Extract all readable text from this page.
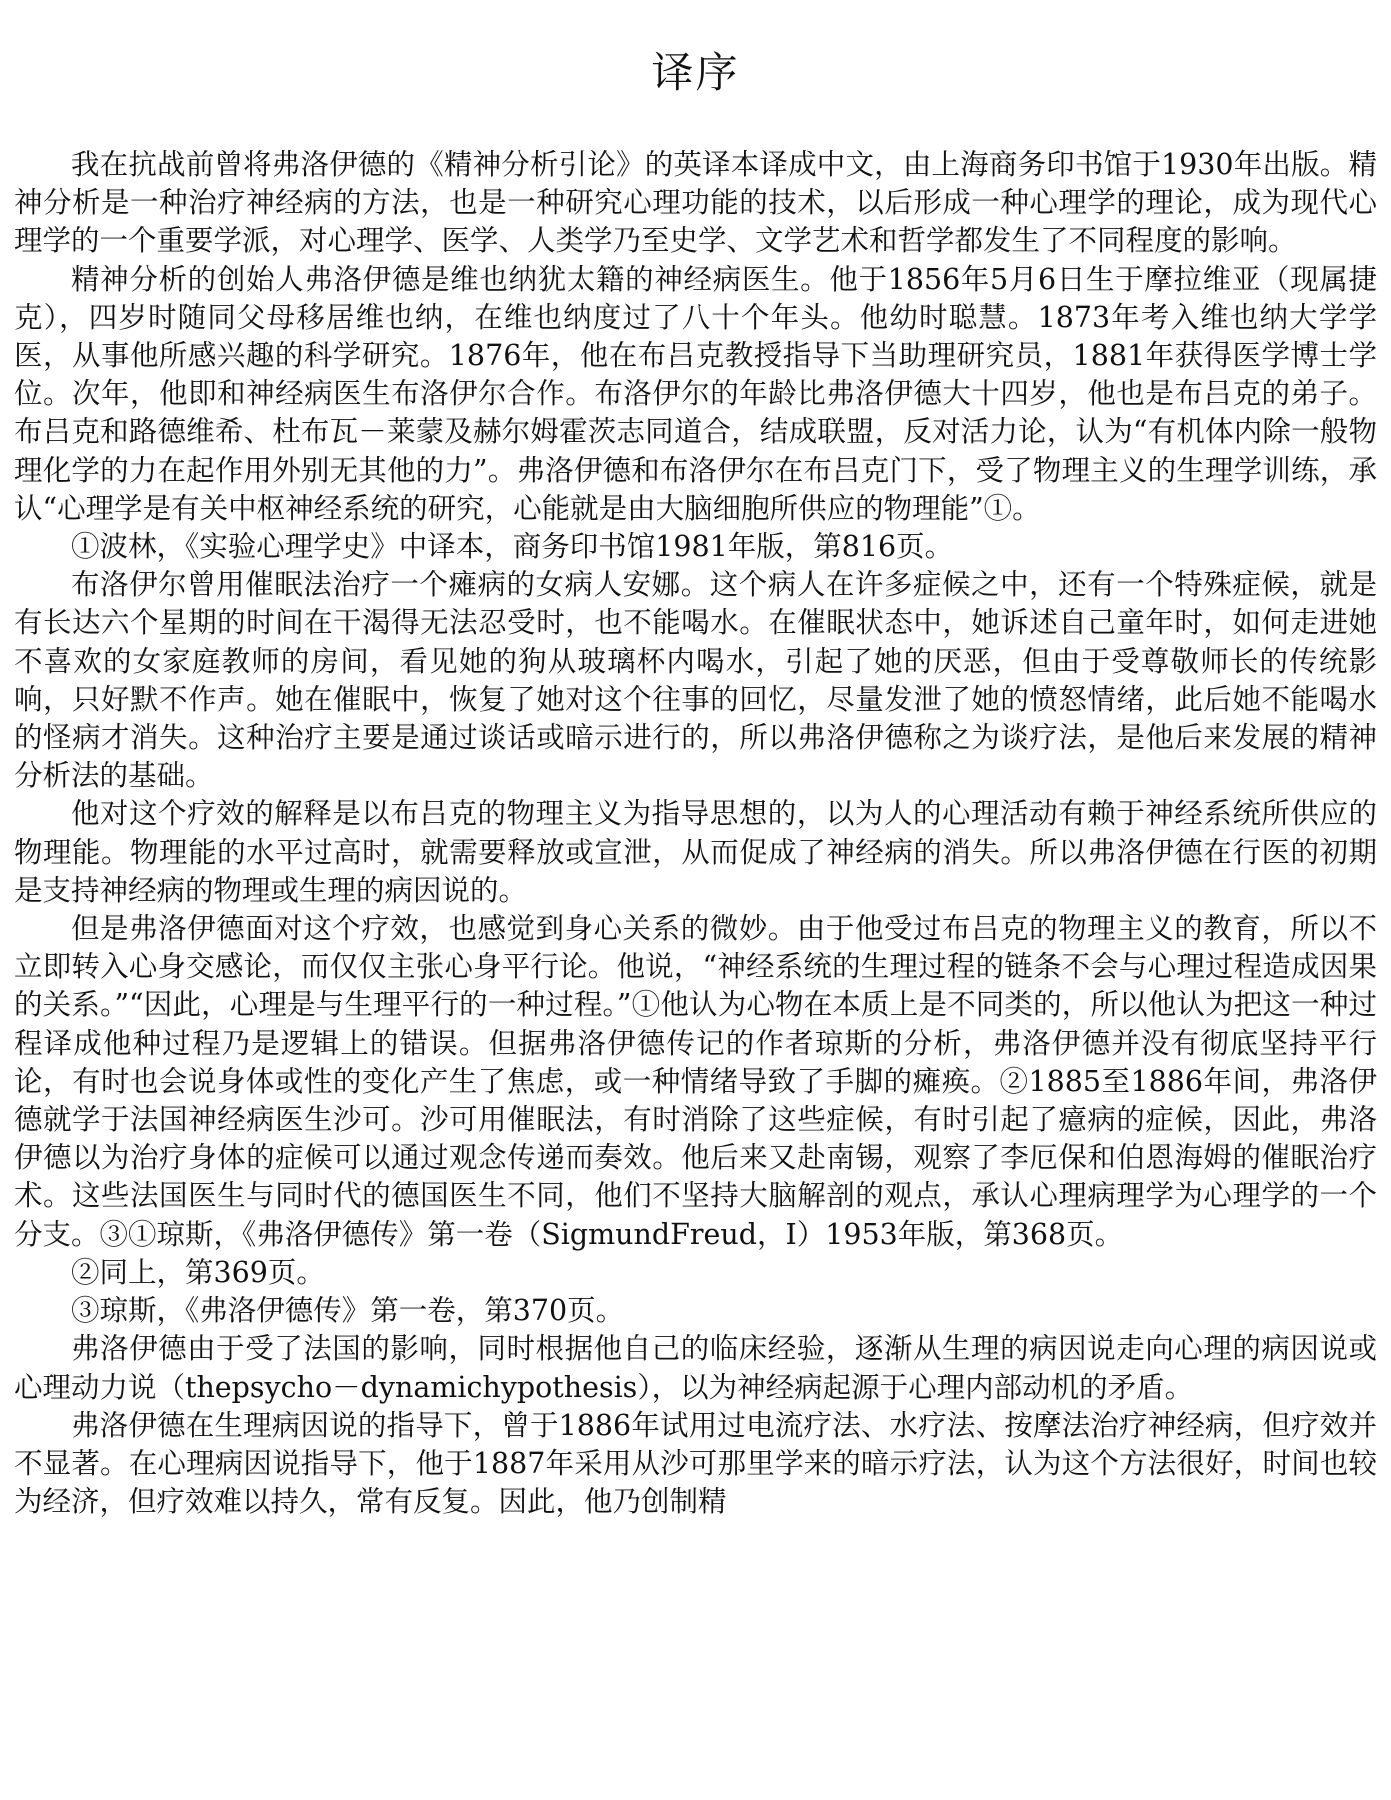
译序

我在抗战前曾将弗洛伊德的《精神分析引论》的英译本译成中文，由上海商务印书馆于1930年出版。精神分析是一种治疗神经病的方法，也是一种研究心理功能的技术，以后形成一种心理学的理论，成为现代心理学的一个重要学派，对心理学、医学、人类学乃至史学、文学艺术和哲学都发生了不同程度的影响。

精神分析的创始人弗洛伊德是维也纳犹太籍的神经病医生。他于1856年5月6日生于摩拉维亚（现属捷克），四岁时随同父母移居维也纳，在维也纳度过了八十个年头。他幼时聪慧。1873年考入维也纳大学学医，从事他所感兴趣的科学研究。1876年，他在布吕克教授指导下当助理研究员，1881年获得医学博士学位。次年，他即和神经病医生布洛伊尔合作。布洛伊尔的年龄比弗洛伊德大十四岁，他也是布吕克的弟子。布吕克和路德维希、杜布瓦－莱蒙及赫尔姆霍茨志同道合，结成联盟，反对活力论，认为“有机体内除一般物理化学的力在起作用外别无其他的力”。弗洛伊德和布洛伊尔在布吕克门下，受了物理主义的生理学训练，承认“心理学是有关中枢神经系统的研究，心能就是由大脑细胞所供应的物理能”①。

①波林，《实验心理学史》中译本，商务印书馆1981年版，第816页。

布洛伊尔曾用催眠法治疗一个瘫病的女病人安娜。这个病人在许多症候之中，还有一个特殊症候，就是有长达六个星期的时间在干渴得无法忍受时，也不能喝水。在催眠状态中，她诉述自己童年时，如何走进她不喜欢的女家庭教师的房间，看见她的狗从玻璃杯内喝水，引起了她的厌恶，但由于受尊敬师长的传统影响，只好默不作声。她在催眠中，恢复了她对这个往事的回忆，尽量发泄了她的愤怒情绪，此后她不能喝水的怪病才消失。这种治疗主要是通过谈话或暗示进行的，所以弗洛伊德称之为谈疗法，是他后来发展的精神分析法的基础。

他对这个疗效的解释是以布吕克的物理主义为指导思想的，以为人的心理活动有赖于神经系统所供应的物理能。物理能的水平过高时，就需要释放或宣泄，从而促成了神经病的消失。所以弗洛伊德在行医的初期是支持神经病的物理或生理的病因说的。

但是弗洛伊德面对这个疗效，也感觉到身心关系的微妙。由于他受过布吕克的物理主义的教育，所以不立即转入心身交感论，而仅仅主张心身平行论。他说，“神经系统的生理过程的链条不会与心理过程造成因果的关系。”“因此，心理是与生理平行的一种过程。”①他认为心物在本质上是不同类的，所以他认为把这一种过程译成他种过程乃是逻辑上的错误。但据弗洛伊德传记的作者琼斯的分析，弗洛伊德并没有彻底坚持平行论，有时也会说身体或性的变化产生了焦虑，或一种情绪导致了手脚的瘫痪。②1885至1886年间，弗洛伊德就学于法国神经病医生沙可。沙可用催眠法，有时消除了这些症候，有时引起了癔病的症候，因此，弗洛伊德以为治疗身体的症候可以通过观念传递而奏效。他后来又赴南锡，观察了李厄保和伯恩海姆的催眠治疗术。这些法国医生与同时代的德国医生不同，他们不坚持大脑解剖的观点，承认心理病理学为心理学的一个分支。③①琼斯，《弗洛伊德传》第一卷（SigmundFreud，I）1953年版，第368页。

②同上，第369页。

③琼斯，《弗洛伊德传》第一卷，第370页。

弗洛伊德由于受了法国的影响，同时根据他自己的临床经验，逐渐从生理的病因说走向心理的病因说或心理动力说（thepsycho－dynamichypothesis），以为神经病起源于心理内部动机的矛盾。

弗洛伊德在生理病因说的指导下，曾于1886年试用过电流疗法、水疗法、按摩法治疗神经病，但疗效并不显著。在心理病因说指导下，他于1887年采用从沙可那里学来的暗示疗法，认为这个方法很好，时间也较为经济，但疗效难以持久，常有反复。因此，他乃创制精
